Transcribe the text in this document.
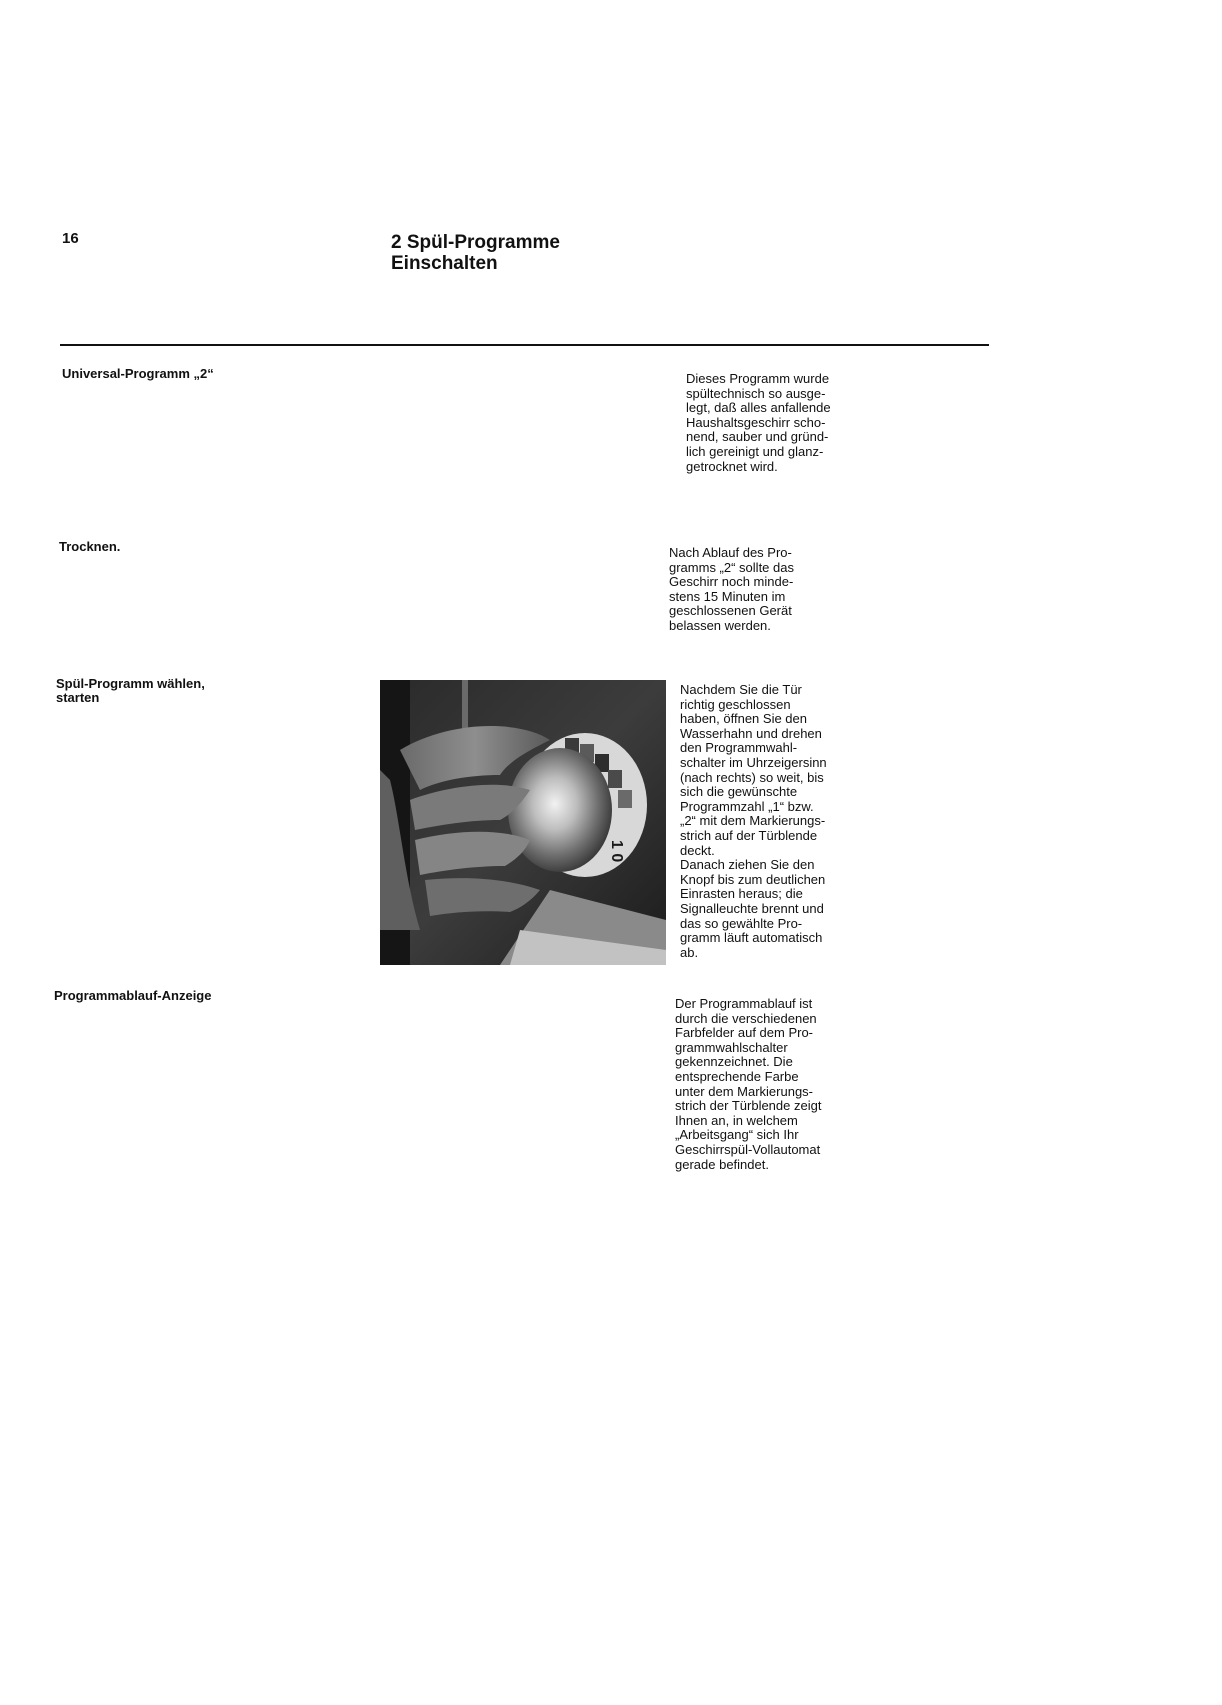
16	2 Spül-Programme
Einschalten
Universal-Programm „2“	Dieses Programm wurde
spültechnisch so ausge-
legt, daß alles anfallende
Haushaltsgeschirr scho-
nend, sauber und gründ-
lich gereinigt und glanz-
getrocknet wird.
Trocknen.	Nach Ablauf des Pro-
gramms „2“ sollte das
Geschirr noch minde-
stens 15 Minuten im
geschlossenen Gerät
belassen werden.
Spül-Programm wählen,
starten
Nachdem Sie die Tür
richtig geschlossen
haben, öffnen Sie den
Wasserhahn und drehen
den Programmwahl-
schalter im Uhrzeigersinn
(nach rechts) so weit, bis
sich die gewünschte
Programmzahl „1“ bzw.
„2“ mit dem Markierungs-
strich auf der Türblende
deckt.
Danach ziehen Sie den
Knopf bis zum deutlichen
Einrasten heraus; die
Signalleuchte brennt und
das so gewählte Pro-
gramm läuft automatisch
ab.
1 0
Programmablauf-Anzeige
Der Programmablauf ist
durch die verschiedenen
Farbfelder auf dem Pro-
grammwahlschalter
gekennzeichnet. Die
entsprechende Farbe
unter dem Markierungs-
strich der Türblende zeigt
Ihnen an, in welchem
„Arbeitsgang“ sich Ihr
Geschirrspül-Vollautomat
gerade befindet.
